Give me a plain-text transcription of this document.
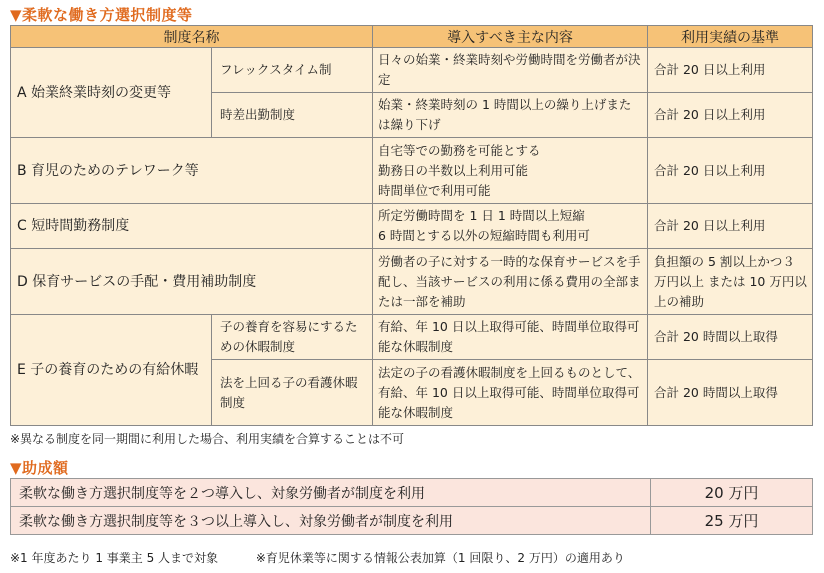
▼柔軟な働き方選択制度等
制度名称		導入すべき主な内容	利用実績の基準
A 始業終業時刻の変更等	フレックスタイム制	日々の始業・終業時刻や労働時間を労働者が決定	合計 20 日以上利用
	時差出勤制度	始業・終業時刻の 1 時間以上の繰り上げまたは繰り下げ	合計 20 日以上利用
B 育児のためのテレワーク等		自宅等での勤務を可能とする
勤務日の半数以上利用可能
時間単位で利用可能	合計 20 日以上利用
C 短時間勤務制度		所定労働時間を 1 日 1 時間以上短縮
6 時間とする以外の短縮時間も利用可	合計 20 日以上利用
D 保育サービスの手配・費用補助制度		労働者の子に対する一時的な保育サービスを手配し、当該サービスの利用に係る費用の全部または一部を補助	負担額の 5 割以上かつ３万円以上 または 10 万円以上の補助
E 子の養育のための有給休暇	子の養育を容易にするための休暇制度	有給、年 10 日以上取得可能、時間単位取得可能な休暇制度	合計 20 時間以上取得
	法を上回る子の看護休暇制度	法定の子の看護休暇制度を上回るものとして、有給、年 10 日以上取得可能、時間単位取得可能な休暇制度	合計 20 時間以上取得
※異なる制度を同一期間に利用した場合、利用実績を合算することは不可
▼助成額
柔軟な働き方選択制度等を２つ導入し、対象労働者が制度を利用	20 万円
柔軟な働き方選択制度等を３つ以上導入し、対象労働者が制度を利用	25 万円
※1 年度あたり 1 事業主 5 人まで対象	※育児休業等に関する情報公表加算（1 回限り、2 万円）の適用あり
